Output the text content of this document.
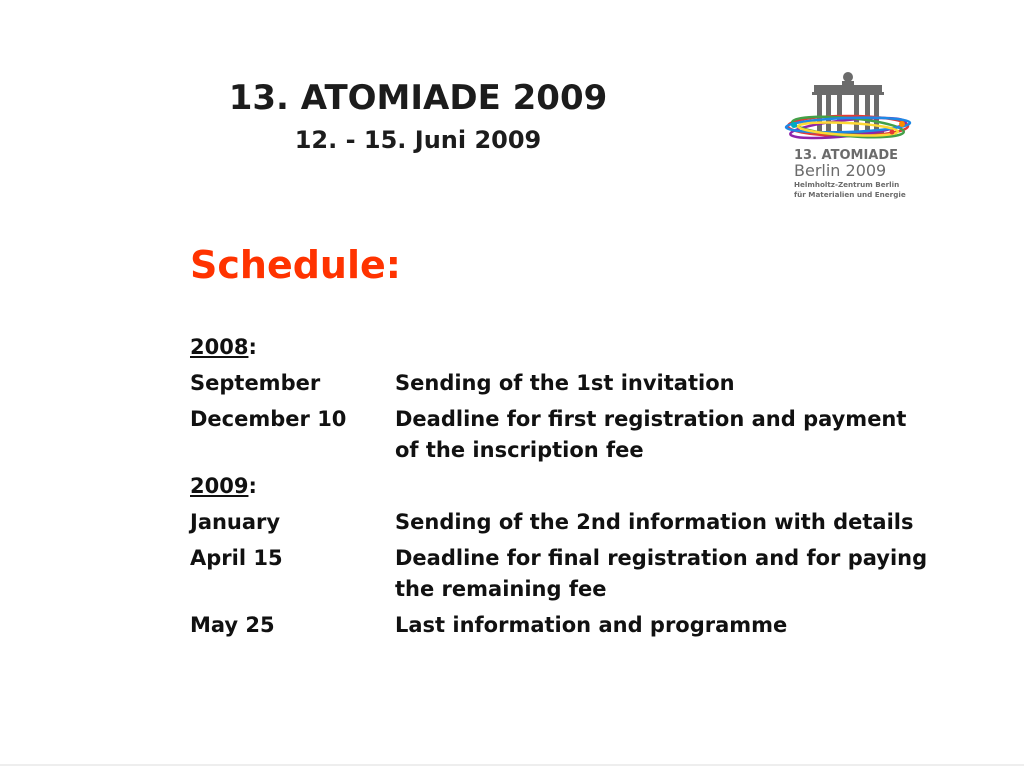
13. ATOMIADE 2009
12. - 15. Juni 2009
13. ATOMIADE
Berlin 2009
Helmholtz-Zentrum Berlin
für Materialien und Energie
Schedule:
2008:
September	Sending of the 1st invitation
December 10	Deadline for first registration and payment of the inscription fee
2009:
January	Sending of the 2nd information with details
April 15	Deadline for final registration and for paying the remaining fee
May 25	Last information and programme
